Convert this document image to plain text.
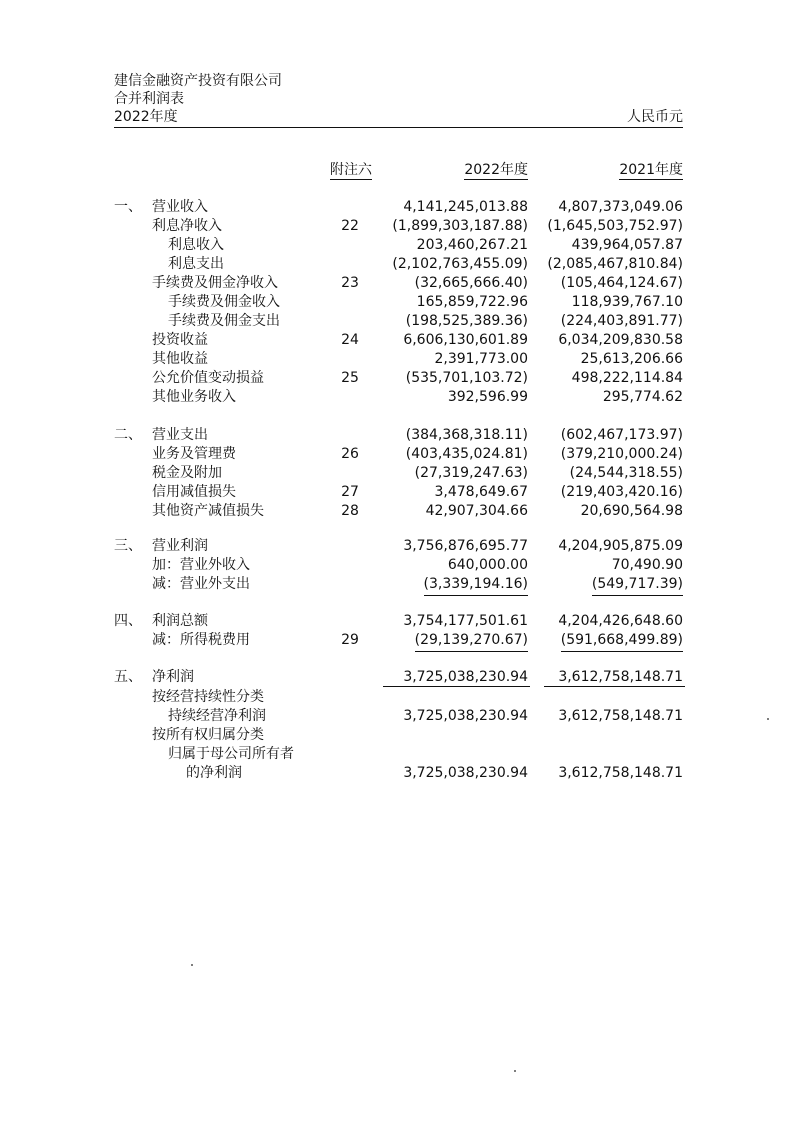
建信金融资产投资有限公司
合并利润表
2022年度	人民币元
附注六	2022年度	2021年度
一、 营业收入	4,141,245,013.88 4,807,373,049.06
利息净收入	22	(1,899,303,187.88) (1,645,503,752.97)
利息收入	203,460,267.21	439,964,057.87
利息支出	(2,102,763,455.09) (2,085,467,810.84)
手续费及佣金净收入	23	(32,665,666.40) (105,464,124.67)
手续费及佣金收入	165,859,722.96	118,939,767.10
手续费及佣金支出	(198,525,389.36) (224,403,891.77)
投资收益	24	6,606,130,601.89 6,034,209,830.58
其他收益	2,391,773.00	25,613,206.66
公允价值变动损益	25	(535,701,103.72)	498,222,114.84
其他业务收入	392,596.99	295,774.62
二、 营业支出	(384,368,318.11) (602,467,173.97)
业务及管理费	26	(403,435,024.81) (379,210,000.24)
税金及附加	(27,319,247.63)	(24,544,318.55)
信用减值损失	27	3,478,649.67 (219,403,420.16)
其他资产减值损失	28	42,907,304.66	20,690,564.98
三、 营业利润	3,756,876,695.77 4,204,905,875.09
加：营业外收入	640,000.00	70,490.90
减：营业外支出	(3,339,194.16)	(549,717.39)
四、 利润总额	3,754,177,501.61 4,204,426,648.60
减：所得税费用	29	(29,139,270.67) (591,668,499.89)
五、 净利润	3,725,038,230.94 3,612,758,148.71
按经营持续性分类
持续经营净利润	3,725,038,230.94 3,612,758,148.71
按所有权归属分类
归属于母公司所有者
的净利润	3,725,038,230.94 3,612,758,148.71
